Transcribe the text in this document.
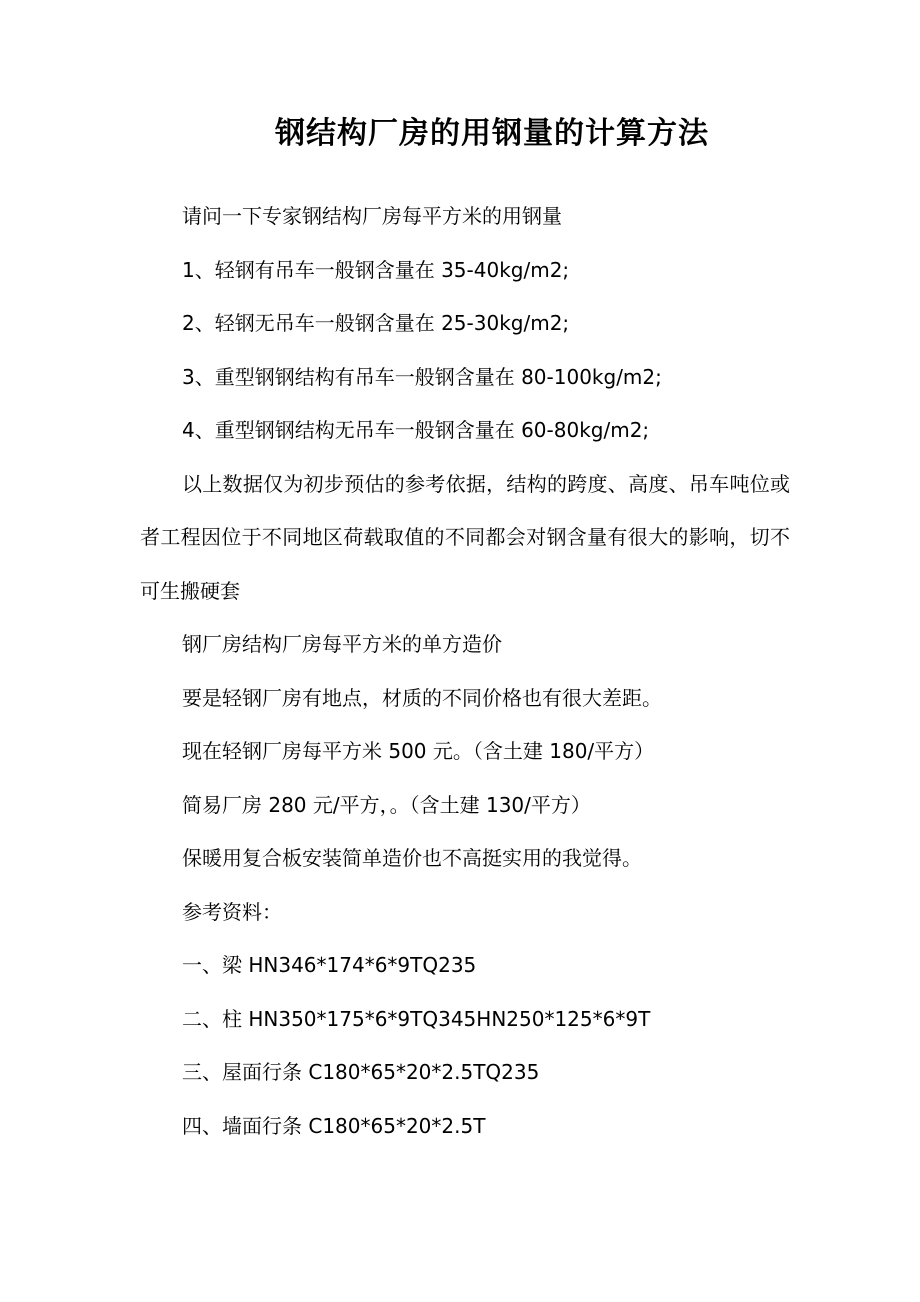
钢结构厂房的用钢量的计算方法

请问一下专家钢结构厂房每平方米的用钢量

1、轻钢有吊车一般钢含量在 35-40kg/m2;

2、轻钢无吊车一般钢含量在 25-30kg/m2;

3、重型钢钢结构有吊车一般钢含量在 80-100kg/m2;

4、重型钢钢结构无吊车一般钢含量在 60-80kg/m2;

以上数据仅为初步预估的参考依据，结构的跨度、高度、吊车吨位或者工程因位于不同地区荷载取值的不同都会对钢含量有很大的影响，切不可生搬硬套

钢厂房结构厂房每平方米的单方造价

要是轻钢厂房有地点，材质的不同价格也有很大差距。

现在轻钢厂房每平方米 500 元。（含土建 180/平方）

简易厂房 280 元/平方，。（含土建 130/平方）

保暖用复合板安装简单造价也不高挺实用的我觉得。

参考资料：

一、梁 HN346*174*6*9TQ235

二、柱 HN350*175*6*9TQ345HN250*125*6*9T

三、屋面行条 C180*65*20*2.5TQ235

四、墙面行条 C180*65*20*2.5T
